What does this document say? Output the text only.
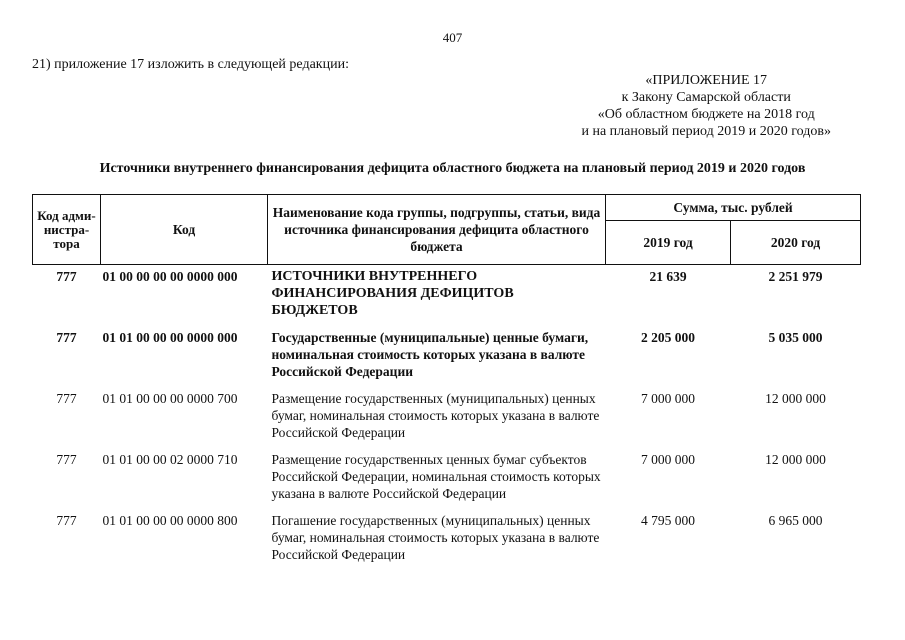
407
21) приложение 17 изложить в следующей редакции:
«ПРИЛОЖЕНИЕ 17
к Закону Самарской области
«Об областном бюджете на 2018 год
и на плановый период 2019 и 2020 годов»
Источники внутреннего финансирования дефицита областного бюджета на плановый период 2019 и 2020 годов
Код адми-нистра-тора	Код	Наименование кода группы, подгруппы, статьи, вида источника финансирования дефицита областного бюджета	Сумма, тыс. рублей	
			2019 год	2020 год
777	01 00 00 00 00 0000 000	ИСТОЧНИКИ ВНУТРЕННЕГО ФИНАНСИРОВАНИЯ ДЕФИЦИТОВ БЮДЖЕТОВ	21 639	2 251 979
777	01 01 00 00 00 0000 000	Государственные (муниципальные) ценные бумаги, номинальная стоимость которых указана в валюте Российской Федерации	2 205 000	5 035 000
777	01 01 00 00 00 0000 700	Размещение государственных (муниципальных) ценных бумаг, номинальная стоимость которых указана в валюте Российской Федерации	7 000 000	12 000 000
777	01 01 00 00 02 0000 710	Размещение государственных ценных бумаг субъектов Российской Федерации, номинальная стоимость которых указана в валюте Российской Федерации	7 000 000	12 000 000
777	01 01 00 00 00 0000 800	Погашение государственных (муниципальных) ценных бумаг, номинальная стоимость которых указана в валюте Российской Федерации	4 795 000	6 965 000
